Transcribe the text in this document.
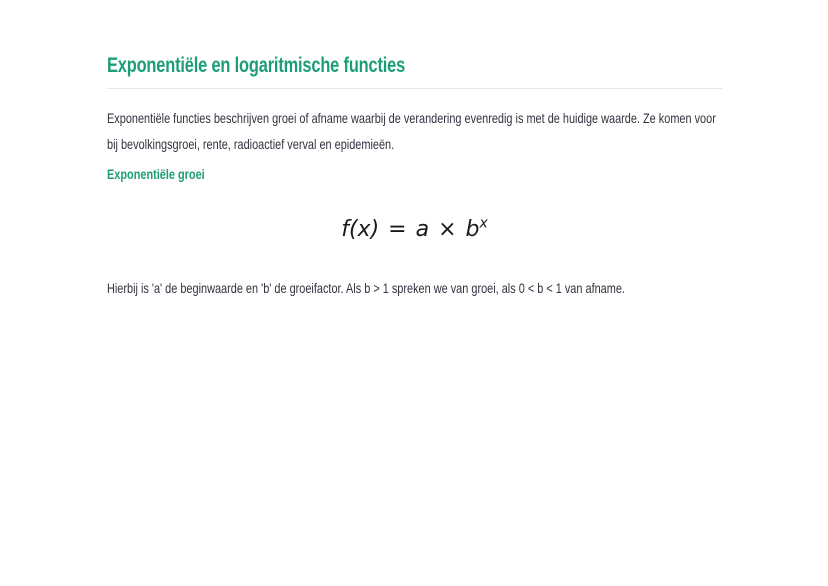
Exponentiële en logaritmische functies

Exponentiële functies beschrijven groei of afname waarbij de verandering evenredig is met de huidige waarde. Ze komen voor bij bevolkingsgroei, rente, radioactief verval en epidemieën.

Exponentiële groei
$f(x) = a \times b^x$

Hierbij is 'a' de beginwaarde en 'b' de groeifactor. Als b > 1 spreken we van groei, als 0 < b < 1 van afname.
